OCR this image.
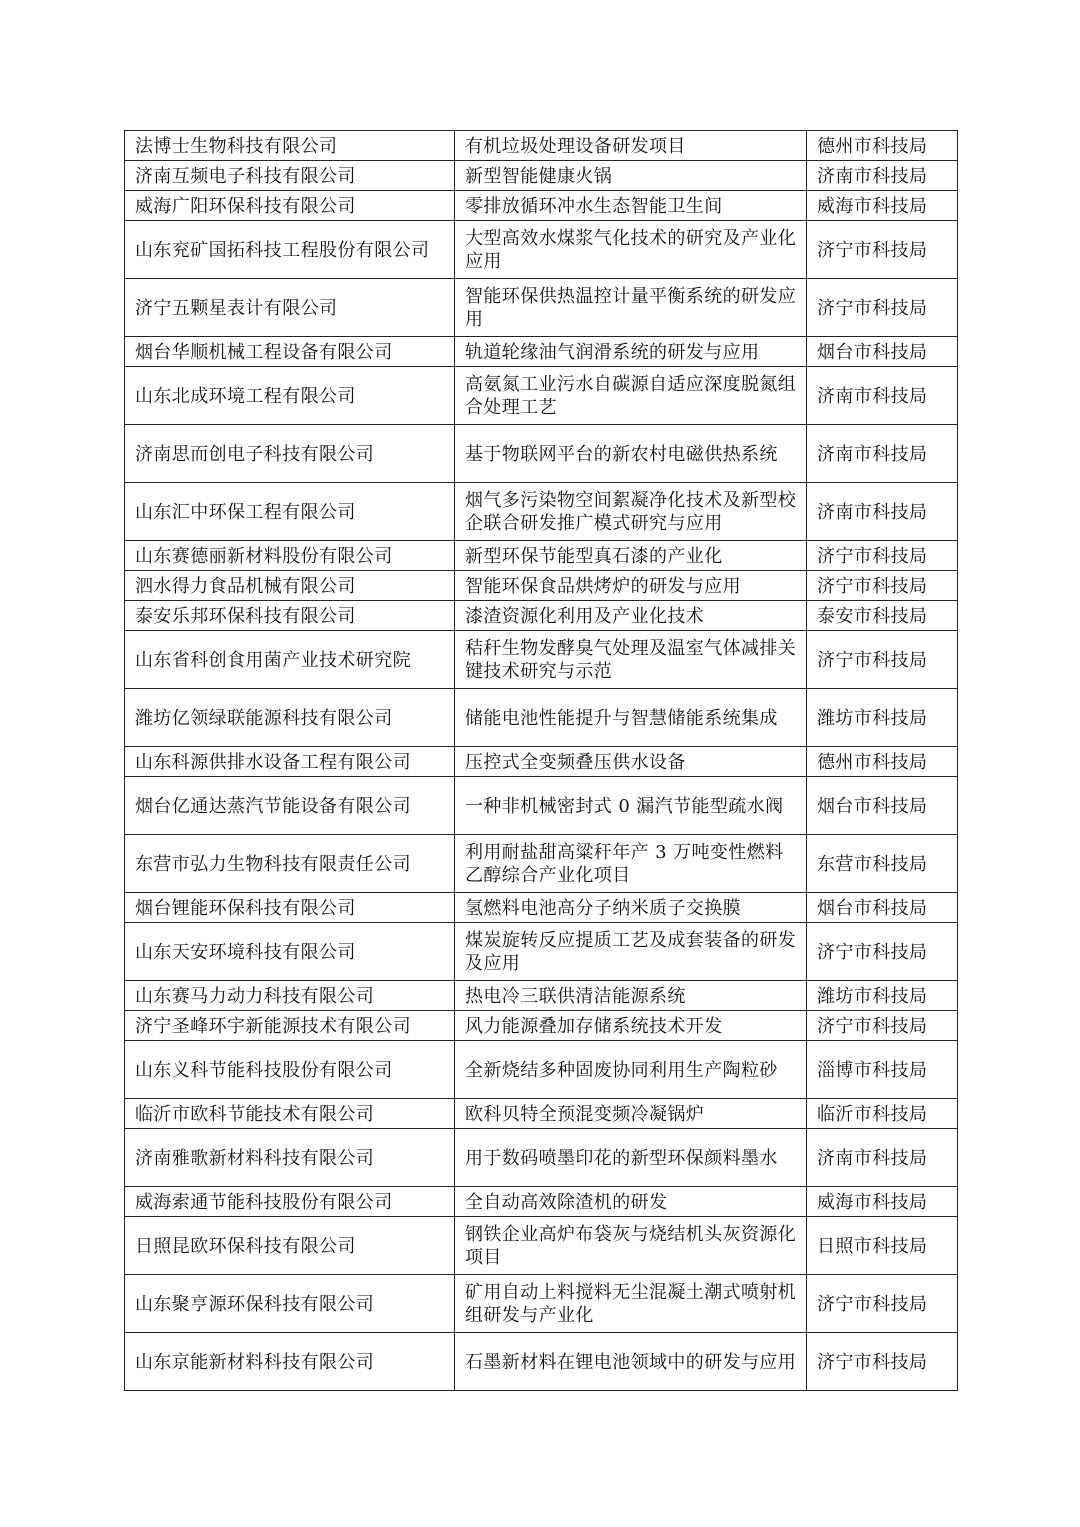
法博士生物科技有限公司	有机垃圾处理设备研发项目	德州市科技局
济南互频电子科技有限公司	新型智能健康火锅	济南市科技局
威海广阳环保科技有限公司	零排放循环冲水生态智能卫生间	威海市科技局
山东兖矿国拓科技工程股份有限公司	大型高效水煤浆气化技术的研究及产业化应用	济宁市科技局
济宁五颗星表计有限公司	智能环保供热温控计量平衡系统的研发应用	济宁市科技局
烟台华顺机械工程设备有限公司	轨道轮缘油气润滑系统的研发与应用	烟台市科技局
山东北成环境工程有限公司	高氨氮工业污水自碳源自适应深度脱氮组合处理工艺	济南市科技局
济南思而创电子科技有限公司	基于物联网平台的新农村电磁供热系统	济南市科技局
山东汇中环保工程有限公司	烟气多污染物空间絮凝净化技术及新型校企联合研发推广模式研究与应用	济南市科技局
山东赛德丽新材料股份有限公司	新型环保节能型真石漆的产业化	济宁市科技局
泗水得力食品机械有限公司	智能环保食品烘烤炉的研发与应用	济宁市科技局
泰安乐邦环保科技有限公司	漆渣资源化利用及产业化技术	泰安市科技局
山东省科创食用菌产业技术研究院	秸秆生物发酵臭气处理及温室气体减排关键技术研究与示范	济宁市科技局
潍坊亿领绿联能源科技有限公司	储能电池性能提升与智慧储能系统集成	潍坊市科技局
山东科源供排水设备工程有限公司	压控式全变频叠压供水设备	德州市科技局
烟台亿通达蒸汽节能设备有限公司	一种非机械密封式 0 漏汽节能型疏水阀	烟台市科技局
东营市弘力生物科技有限责任公司	利用耐盐甜高粱秆年产 3 万吨变性燃料乙醇综合产业化项目	东营市科技局
烟台锂能环保科技有限公司	氢燃料电池高分子纳米质子交换膜	烟台市科技局
山东天安环境科技有限公司	煤炭旋转反应提质工艺及成套装备的研发及应用	济宁市科技局
山东赛马力动力科技有限公司	热电冷三联供清洁能源系统	潍坊市科技局
济宁圣峰环宇新能源技术有限公司	风力能源叠加存储系统技术开发	济宁市科技局
山东义科节能科技股份有限公司	全新烧结多种固废协同利用生产陶粒砂	淄博市科技局
临沂市欧科节能技术有限公司	欧科贝特全预混变频冷凝锅炉	临沂市科技局
济南雅歌新材料科技有限公司	用于数码喷墨印花的新型环保颜料墨水	济南市科技局
威海索通节能科技股份有限公司	全自动高效除渣机的研发	威海市科技局
日照昆欧环保科技有限公司	钢铁企业高炉布袋灰与烧结机头灰资源化项目	日照市科技局
山东聚亨源环保科技有限公司	矿用自动上料搅料无尘混凝土潮式喷射机组研发与产业化	济宁市科技局
山东京能新材料科技有限公司	石墨新材料在锂电池领域中的研发与应用	济宁市科技局
